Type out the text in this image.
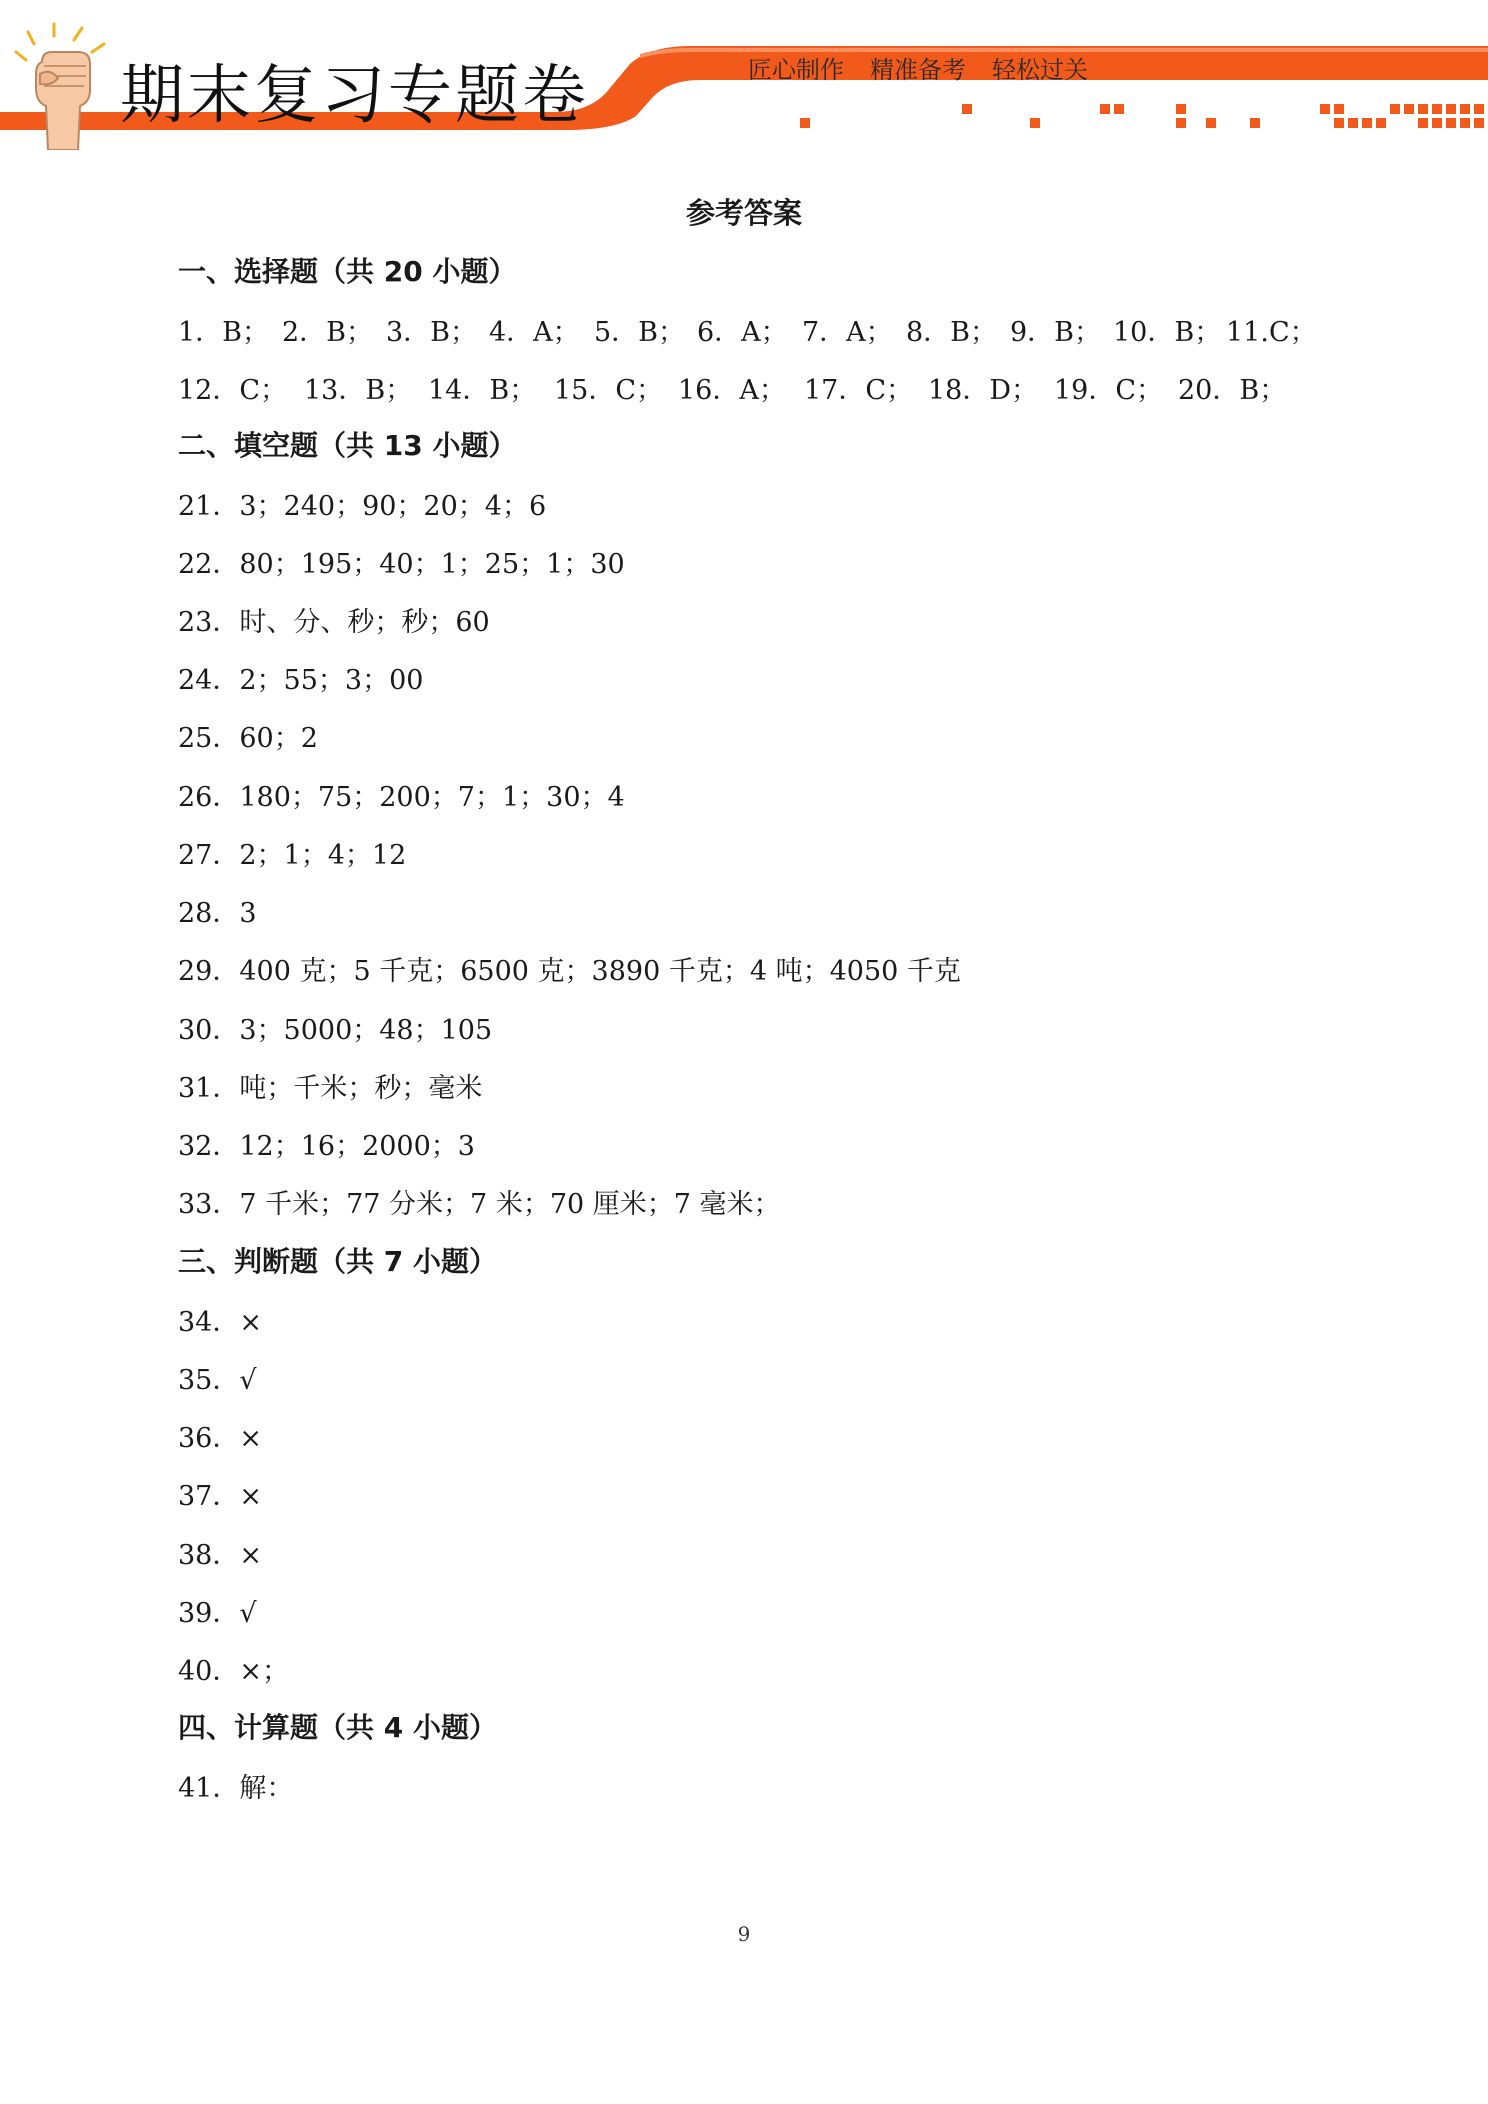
期末复习专题卷	匠心制作 精准备考 轻松过关
参考答案
一、选择题（共 20 小题）
1．B； 2．B； 3．B； 4．A； 5．B； 6．A； 7．A； 8．B； 9．B； 10．B； 11.C；
12．C； 13．B； 14．B； 15．C； 16．A； 17．C； 18．D； 19．C； 20．B；
二、填空题（共 13 小题）
21．3；240；90；20；4；6
22．80；195；40；1；25；1；30
23．时、分、秒；秒；60
24．2；55；3；00
25．60；2
26．180；75；200；7；1；30；4
27．2；1；4；12
28．3
29．400 克；5 千克；6500 克；3890 千克；4 吨；4050 千克
30．3；5000；48；105
31．吨；千米；秒；毫米
32．12；16；2000；3
33．7 千米；77 分米；7 米；70 厘米；7 毫米；
三、判断题（共 7 小题）
34．×
35．√
36．×
37．×
38．×
39．√
40．×；
四、计算题（共 4 小题）
41．解：
9
